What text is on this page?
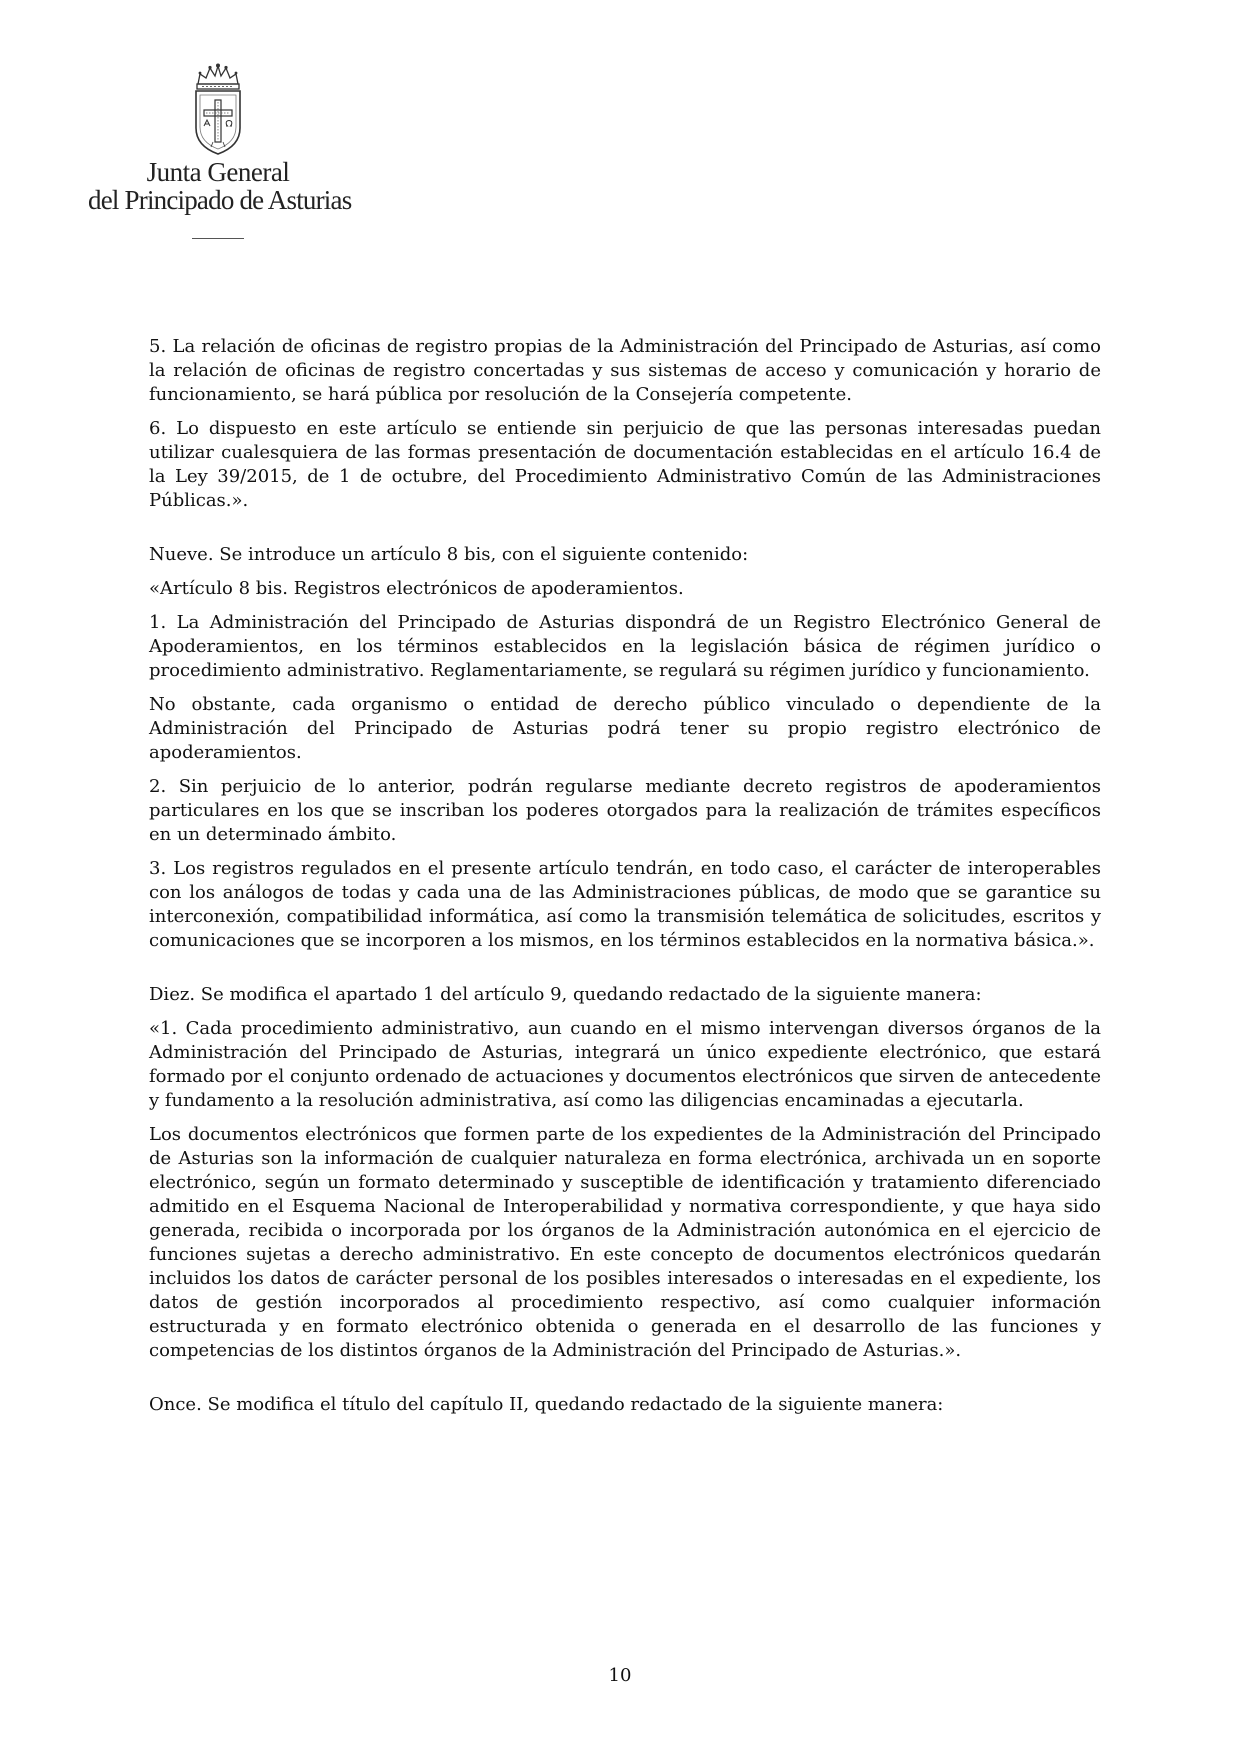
Junta General
del Principado de Asturias

5. La relación de oficinas de registro propias de la Administración del Principado de Asturias, así como la relación de oficinas de registro concertadas y sus sistemas de acceso y comunicación y horario de funcionamiento, se hará pública por resolución de la Consejería competente.

6. Lo dispuesto en este artículo se entiende sin perjuicio de que las personas interesadas puedan utilizar cualesquiera de las formas presentación de documentación establecidas en el artículo 16.4 de la Ley 39/2015, de 1 de octubre, del Procedimiento Administrativo Común de las Administraciones Públicas.».

Nueve. Se introduce un artículo 8 bis, con el siguiente contenido:

«Artículo 8 bis. Registros electrónicos de apoderamientos.

1. La Administración del Principado de Asturias dispondrá de un Registro Electrónico General de Apoderamientos, en los términos establecidos en la legislación básica de régimen jurídico o procedimiento administrativo. Reglamentariamente, se regulará su régimen jurídico y funcionamiento.

No obstante, cada organismo o entidad de derecho público vinculado o dependiente de la Administración del Principado de Asturias podrá tener su propio registro electrónico de apoderamientos.

2. Sin perjuicio de lo anterior, podrán regularse mediante decreto registros de apoderamientos particulares en los que se inscriban los poderes otorgados para la realización de trámites específicos en un determinado ámbito.

3. Los registros regulados en el presente artículo tendrán, en todo caso, el carácter de interoperables con los análogos de todas y cada una de las Administraciones públicas, de modo que se garantice su interconexión, compatibilidad informática, así como la transmisión telemática de solicitudes, escritos y comunicaciones que se incorporen a los mismos, en los términos establecidos en la normativa básica.».

Diez. Se modifica el apartado 1 del artículo 9, quedando redactado de la siguiente manera:

«1. Cada procedimiento administrativo, aun cuando en el mismo intervengan diversos órganos de la Administración del Principado de Asturias, integrará un único expediente electrónico, que estará formado por el conjunto ordenado de actuaciones y documentos electrónicos que sirven de antecedente y fundamento a la resolución administrativa, así como las diligencias encaminadas a ejecutarla.

Los documentos electrónicos que formen parte de los expedientes de la Administración del Principado de Asturias son la información de cualquier naturaleza en forma electrónica, archivada un en soporte electrónico, según un formato determinado y susceptible de identificación y tratamiento diferenciado admitido en el Esquema Nacional de Interoperabilidad y normativa correspondiente, y que haya sido generada, recibida o incorporada por los órganos de la Administración autonómica en el ejercicio de funciones sujetas a derecho administrativo. En este concepto de documentos electrónicos quedarán incluidos los datos de carácter personal de los posibles interesados o interesadas en el expediente, los datos de gestión incorporados al procedimiento respectivo, así como cualquier información estructurada y en formato electrónico obtenida o generada en el desarrollo de las funciones y competencias de los distintos órganos de la Administración del Principado de Asturias.».

Once. Se modifica el título del capítulo II, quedando redactado de la siguiente manera:

10
